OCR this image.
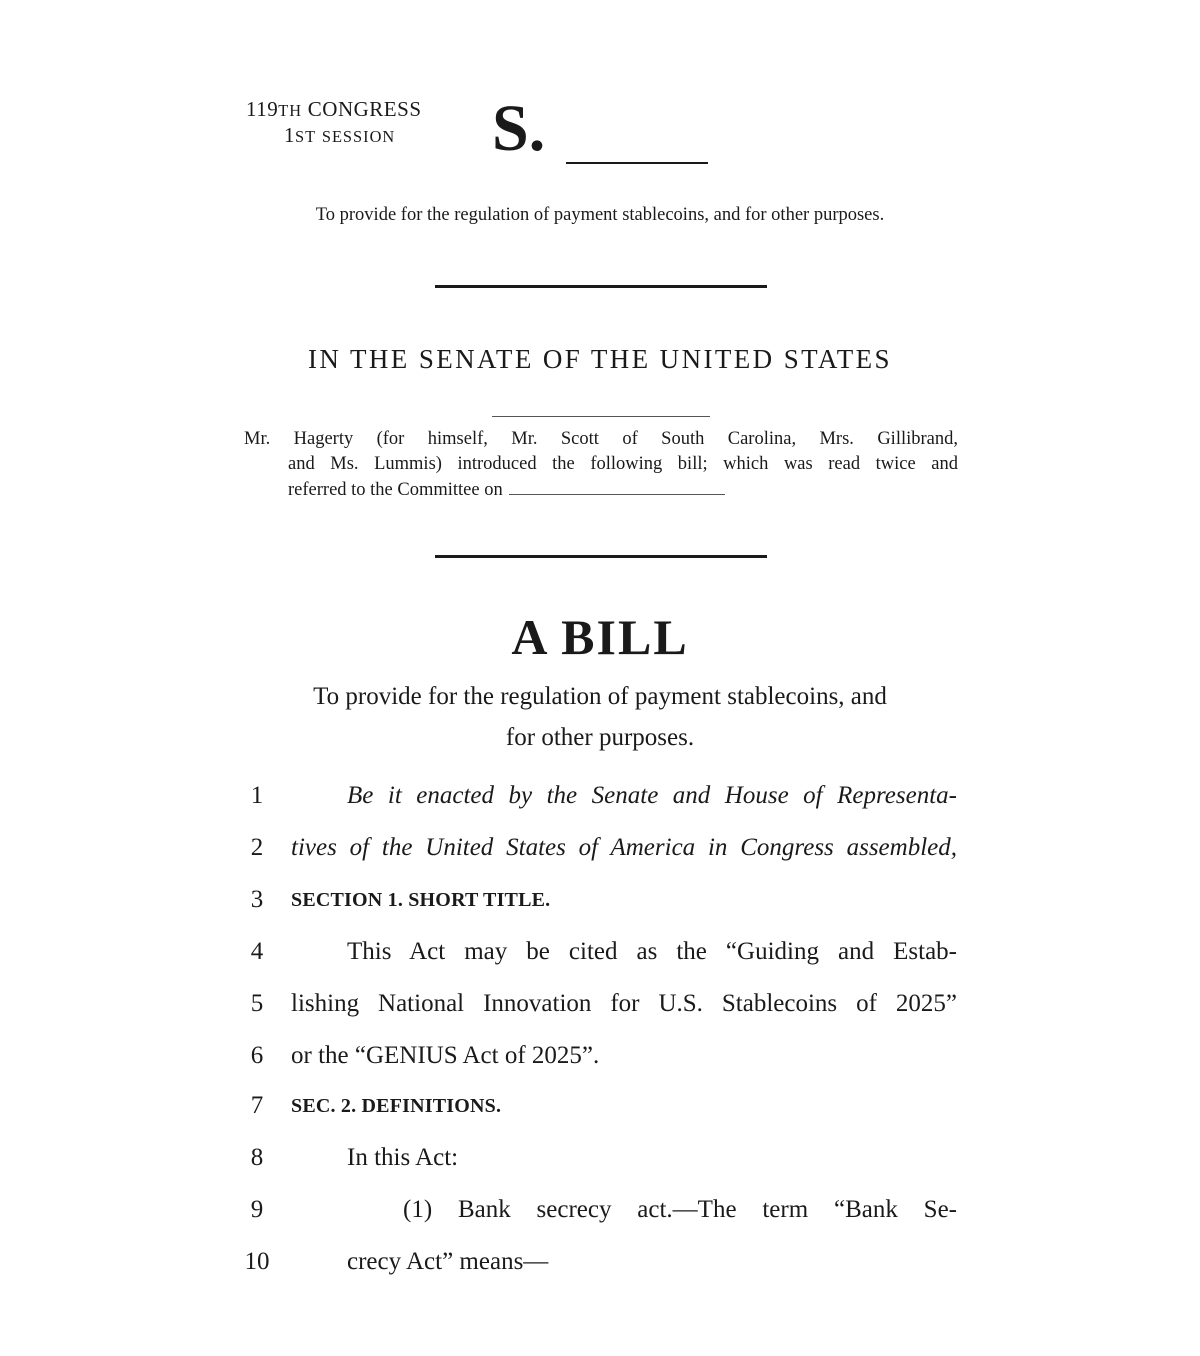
119TH CONGRESS
1ST SESSION S.
To provide for the regulation of payment stablecoins, and for other purposes.
IN THE SENATE OF THE UNITED STATES
Mr. Hagerty (for himself, Mr. Scott of South Carolina, Mrs. Gillibrand,
and Ms. Lummis) introduced the following bill; which was read twice and
referred to the Committee on
A BILL
To provide for the regulation of payment stablecoins, and
for other purposes.
1	Be it enacted by the Senate and House of Representa-
2	tives of the United States of America in Congress assembled,
3	SECTION 1. SHORT TITLE.
4	This Act may be cited as the “Guiding and Estab-
5	lishing National Innovation for U.S. Stablecoins of 2025”
6	or the “GENIUS Act of 2025”.
7	SEC. 2. DEFINITIONS.
8	In this Act:
9	(1) Bank secrecy act.—The term “Bank Se-
10	crecy Act” means—
